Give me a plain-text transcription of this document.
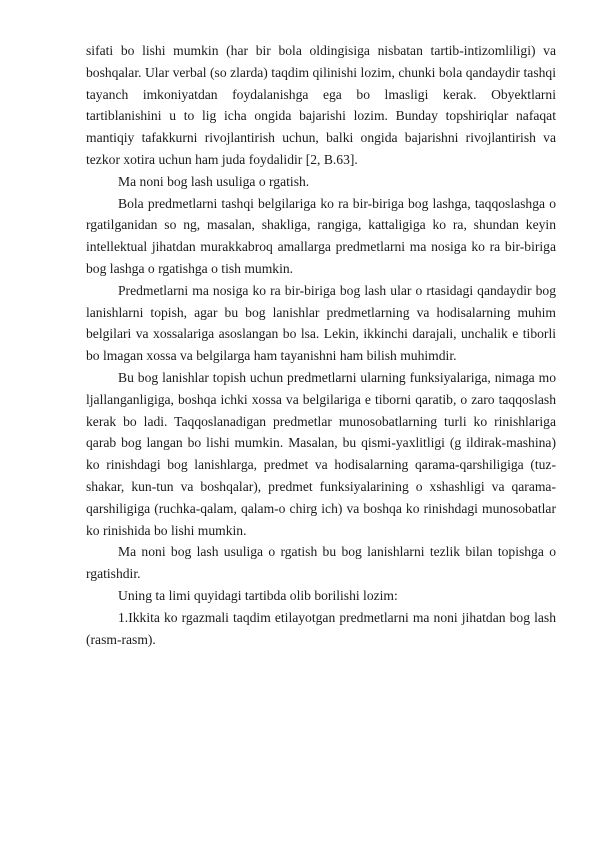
sifati bo lishi mumkin (har bir bola oldingisiga nisbatan tartib-intizomliligi) va boshqalar. Ular verbal (so zlarda) taqdim qilinishi lozim, chunki bola qandaydir tashqi tayanch imkoniyatdan foydalanishga ega bo lmasligi kerak. Obyektlarni tartiblanishini u to lig icha ongida bajarishi lozim. Bunday topshiriqlar nafaqat mantiqiy tafakkurni rivojlantirish uchun, balki ongida bajarishni rivojlantirish va tezkor xotira uchun ham juda foydalidir [2, B.63].

Ma noni bog lash usuliga o rgatish.

Bola predmetlarni tashqi belgilariga ko ra bir-biriga bog lashga, taqqoslashga o rgatilganidan so ng, masalan, shakliga, rangiga, kattaligiga ko ra, shundan keyin intellektual jihatdan murakkabroq amallarga predmetlarni ma nosiga ko ra bir-biriga bog lashga o rgatishga o tish mumkin.

Predmetlarni ma nosiga ko ra bir-biriga bog lash ular o rtasidagi qandaydir bog lanishlarni topish, agar bu bog lanishlar predmetlarning va hodisalarning muhim belgilari va xossalariga asoslangan bo lsa. Lekin, ikkinchi darajali, unchalik e tiborli bo lmagan xossa va belgilarga ham tayanishni ham bilish muhimdir.

Bu bog lanishlar topish uchun predmetlarni ularning funksiyalariga, nimaga mo ljallanganligiga, boshqa ichki xossa va belgilariga e tiborni qaratib, o zaro taqqoslash kerak bo ladi. Taqqoslanadigan predmetlar munosobatlarning turli ko rinishlariga qarab bog langan bo lishi mumkin. Masalan, bu qismi-yaxlitligi (g ildirak-mashina) ko rinishdagi bog lanishlarga, predmet va hodisalarning qarama-qarshiligiga (tuz-shakar, kun-tun va boshqalar), predmet funksiyalarining o xshashligi va qarama-qarshiligiga (ruchka-qalam, qalam-o chirg ich) va boshqa ko rinishdagi munosobatlar ko rinishida bo lishi mumkin.

Ma noni bog lash usuliga o rgatish bu bog lanishlarni tezlik bilan topishga o rgatishdir.

Uning ta limi quyidagi tartibda olib borilishi lozim:

1.Ikkita ko rgazmali taqdim etilayotgan predmetlarni ma noni jihatdan bog lash (rasm-rasm).
